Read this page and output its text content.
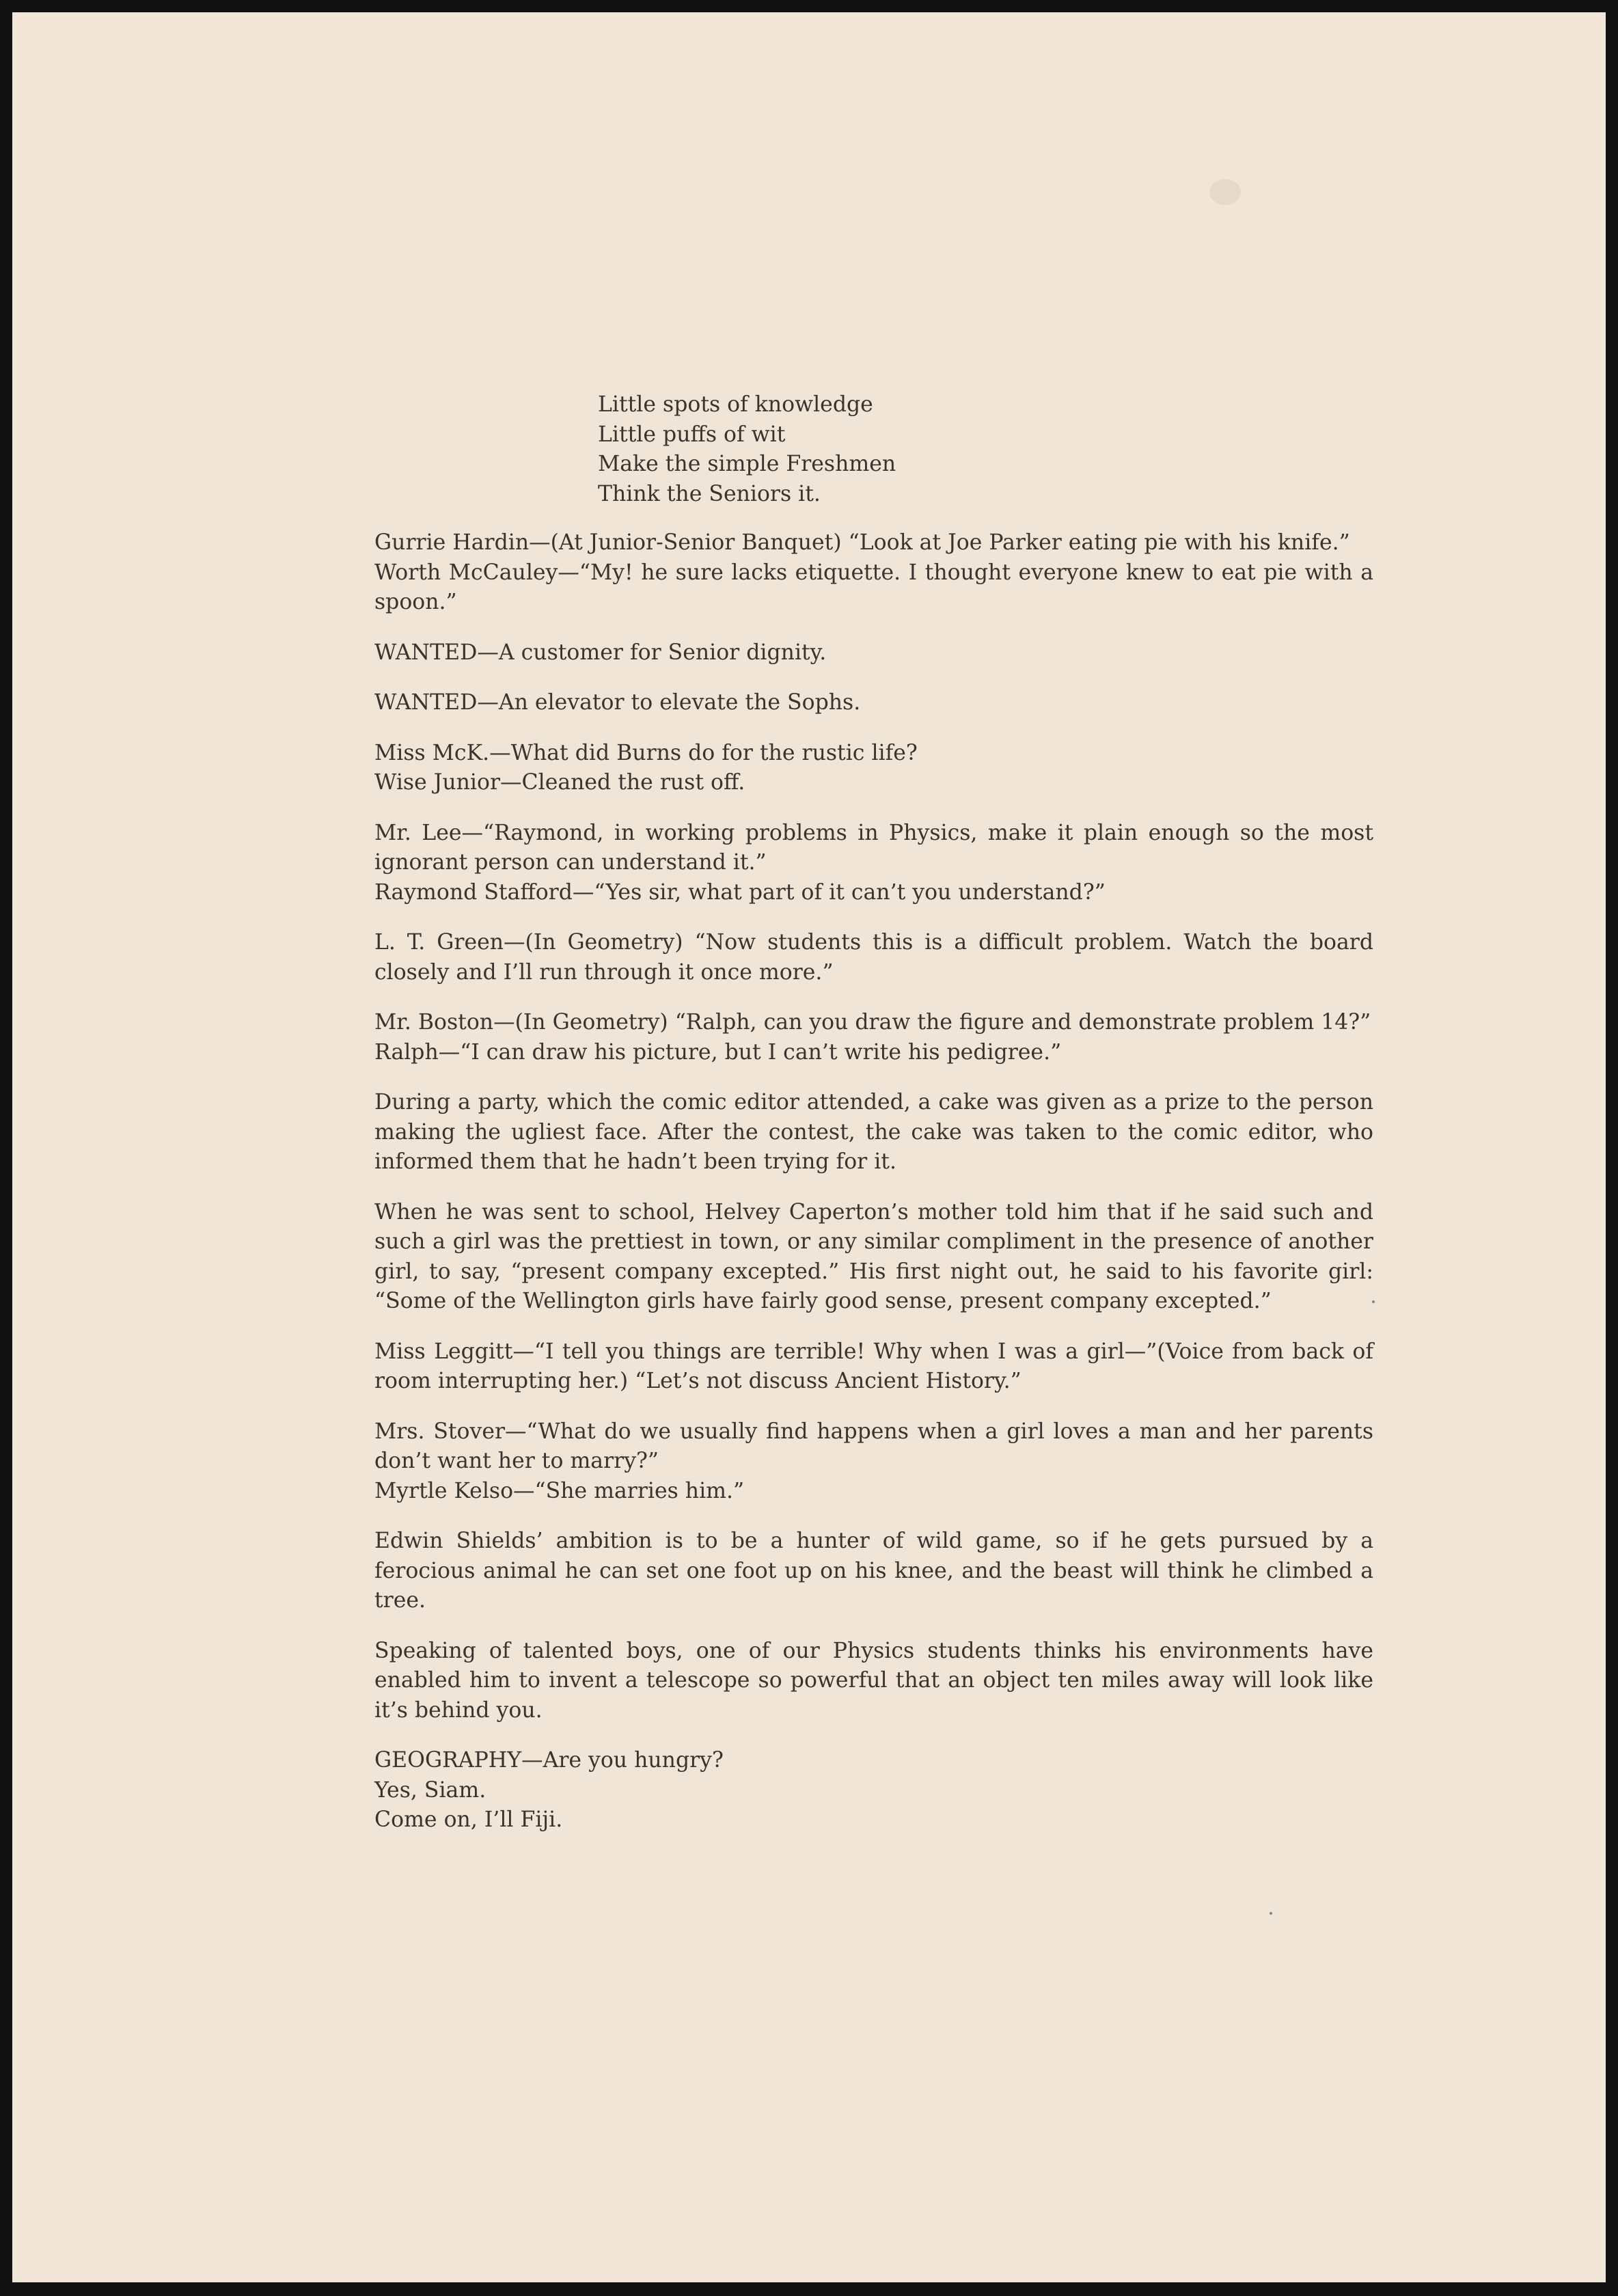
Little spots of knowledge
Little puffs of wit
Make the simple Freshmen
Think the Seniors it.
Gurrie Hardin—(At Junior-Senior Banquet) “Look at Joe Parker eating pie with his knife.”
Worth McCauley—“My! he sure lacks etiquette. I thought everyone knew to eat pie with a spoon.”
WANTED—A customer for Senior dignity.
WANTED—An elevator to elevate the Sophs.
Miss McK.—What did Burns do for the rustic life?
Wise Junior—Cleaned the rust off.
Mr. Lee—“Raymond, in working problems in Physics, make it plain enough so the most ignorant person can understand it.”
Raymond Stafford—“Yes sir, what part of it can’t you understand?”
L. T. Green—(In Geometry) “Now students this is a difficult problem. Watch the board closely and I’ll run through it once more.”
Mr. Boston—(In Geometry) “Ralph, can you draw the figure and demonstrate problem 14?”
Ralph—“I can draw his picture, but I can’t write his pedigree.”
During a party, which the comic editor attended, a cake was given as a prize to the person making the ugliest face. After the contest, the cake was taken to the comic editor, who informed them that he hadn’t been trying for it.
When he was sent to school, Helvey Caperton’s mother told him that if he said such and such a girl was the prettiest in town, or any similar compliment in the presence of another girl, to say, “present company excepted.” His first night out, he said to his favorite girl: “Some of the Wellington girls have fairly good sense, present company excepted.”
Miss Leggitt—“I tell you things are terrible! Why when I was a girl—”(Voice from back of room interrupting her.) “Let’s not discuss Ancient History.”
Mrs. Stover—“What do we usually find happens when a girl loves a man and her parents don’t want her to marry?”
Myrtle Kelso—“She marries him.”
Edwin Shields’ ambition is to be a hunter of wild game, so if he gets pursued by a ferocious animal he can set one foot up on his knee, and the beast will think he climbed a tree.
Speaking of talented boys, one of our Physics students thinks his environments have enabled him to invent a telescope so powerful that an object ten miles away will look like it’s behind you.
GEOGRAPHY—Are you hungry?
Yes, Siam.
Come on, I’ll Fiji.
